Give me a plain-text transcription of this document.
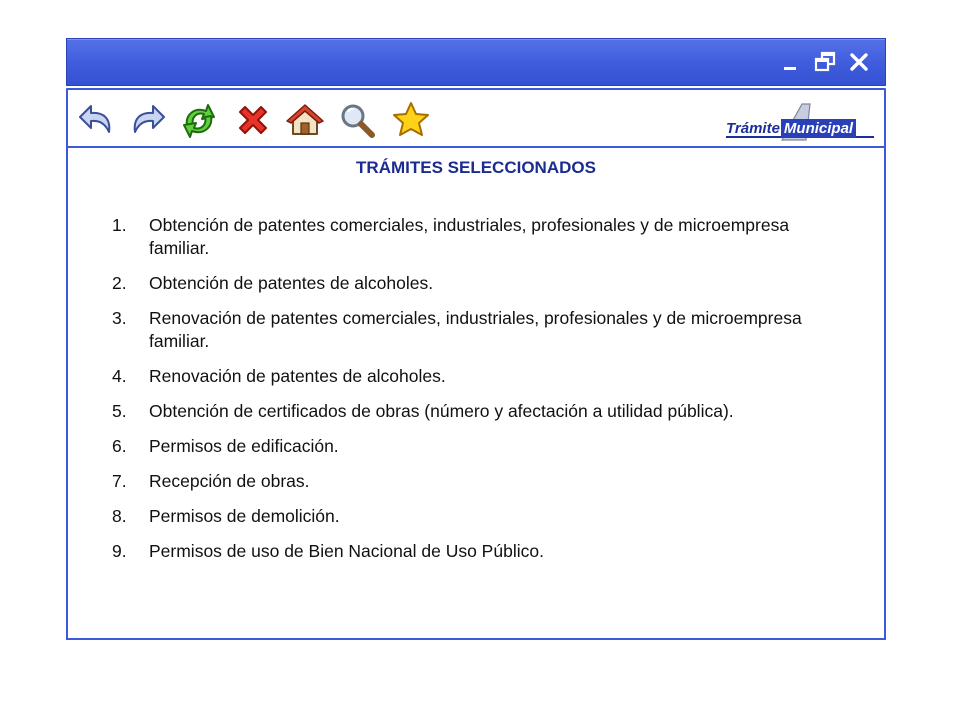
Trámite Municipal
TRÁMITES SELECCIONADOS
1.	Obtención de patentes comerciales, industriales, profesionales y de microempresa familiar.
2.	Obtención de patentes de alcoholes.
3.	Renovación de patentes comerciales, industriales, profesionales y de microempresa familiar.
4.	Renovación de patentes de alcoholes.
5.	Obtención de certificados de obras (número y afectación a utilidad pública).
6.	Permisos de edificación.
7.	Recepción de obras.
8.	Permisos de demolición.
9.	Permisos de uso de Bien Nacional de Uso Público.
